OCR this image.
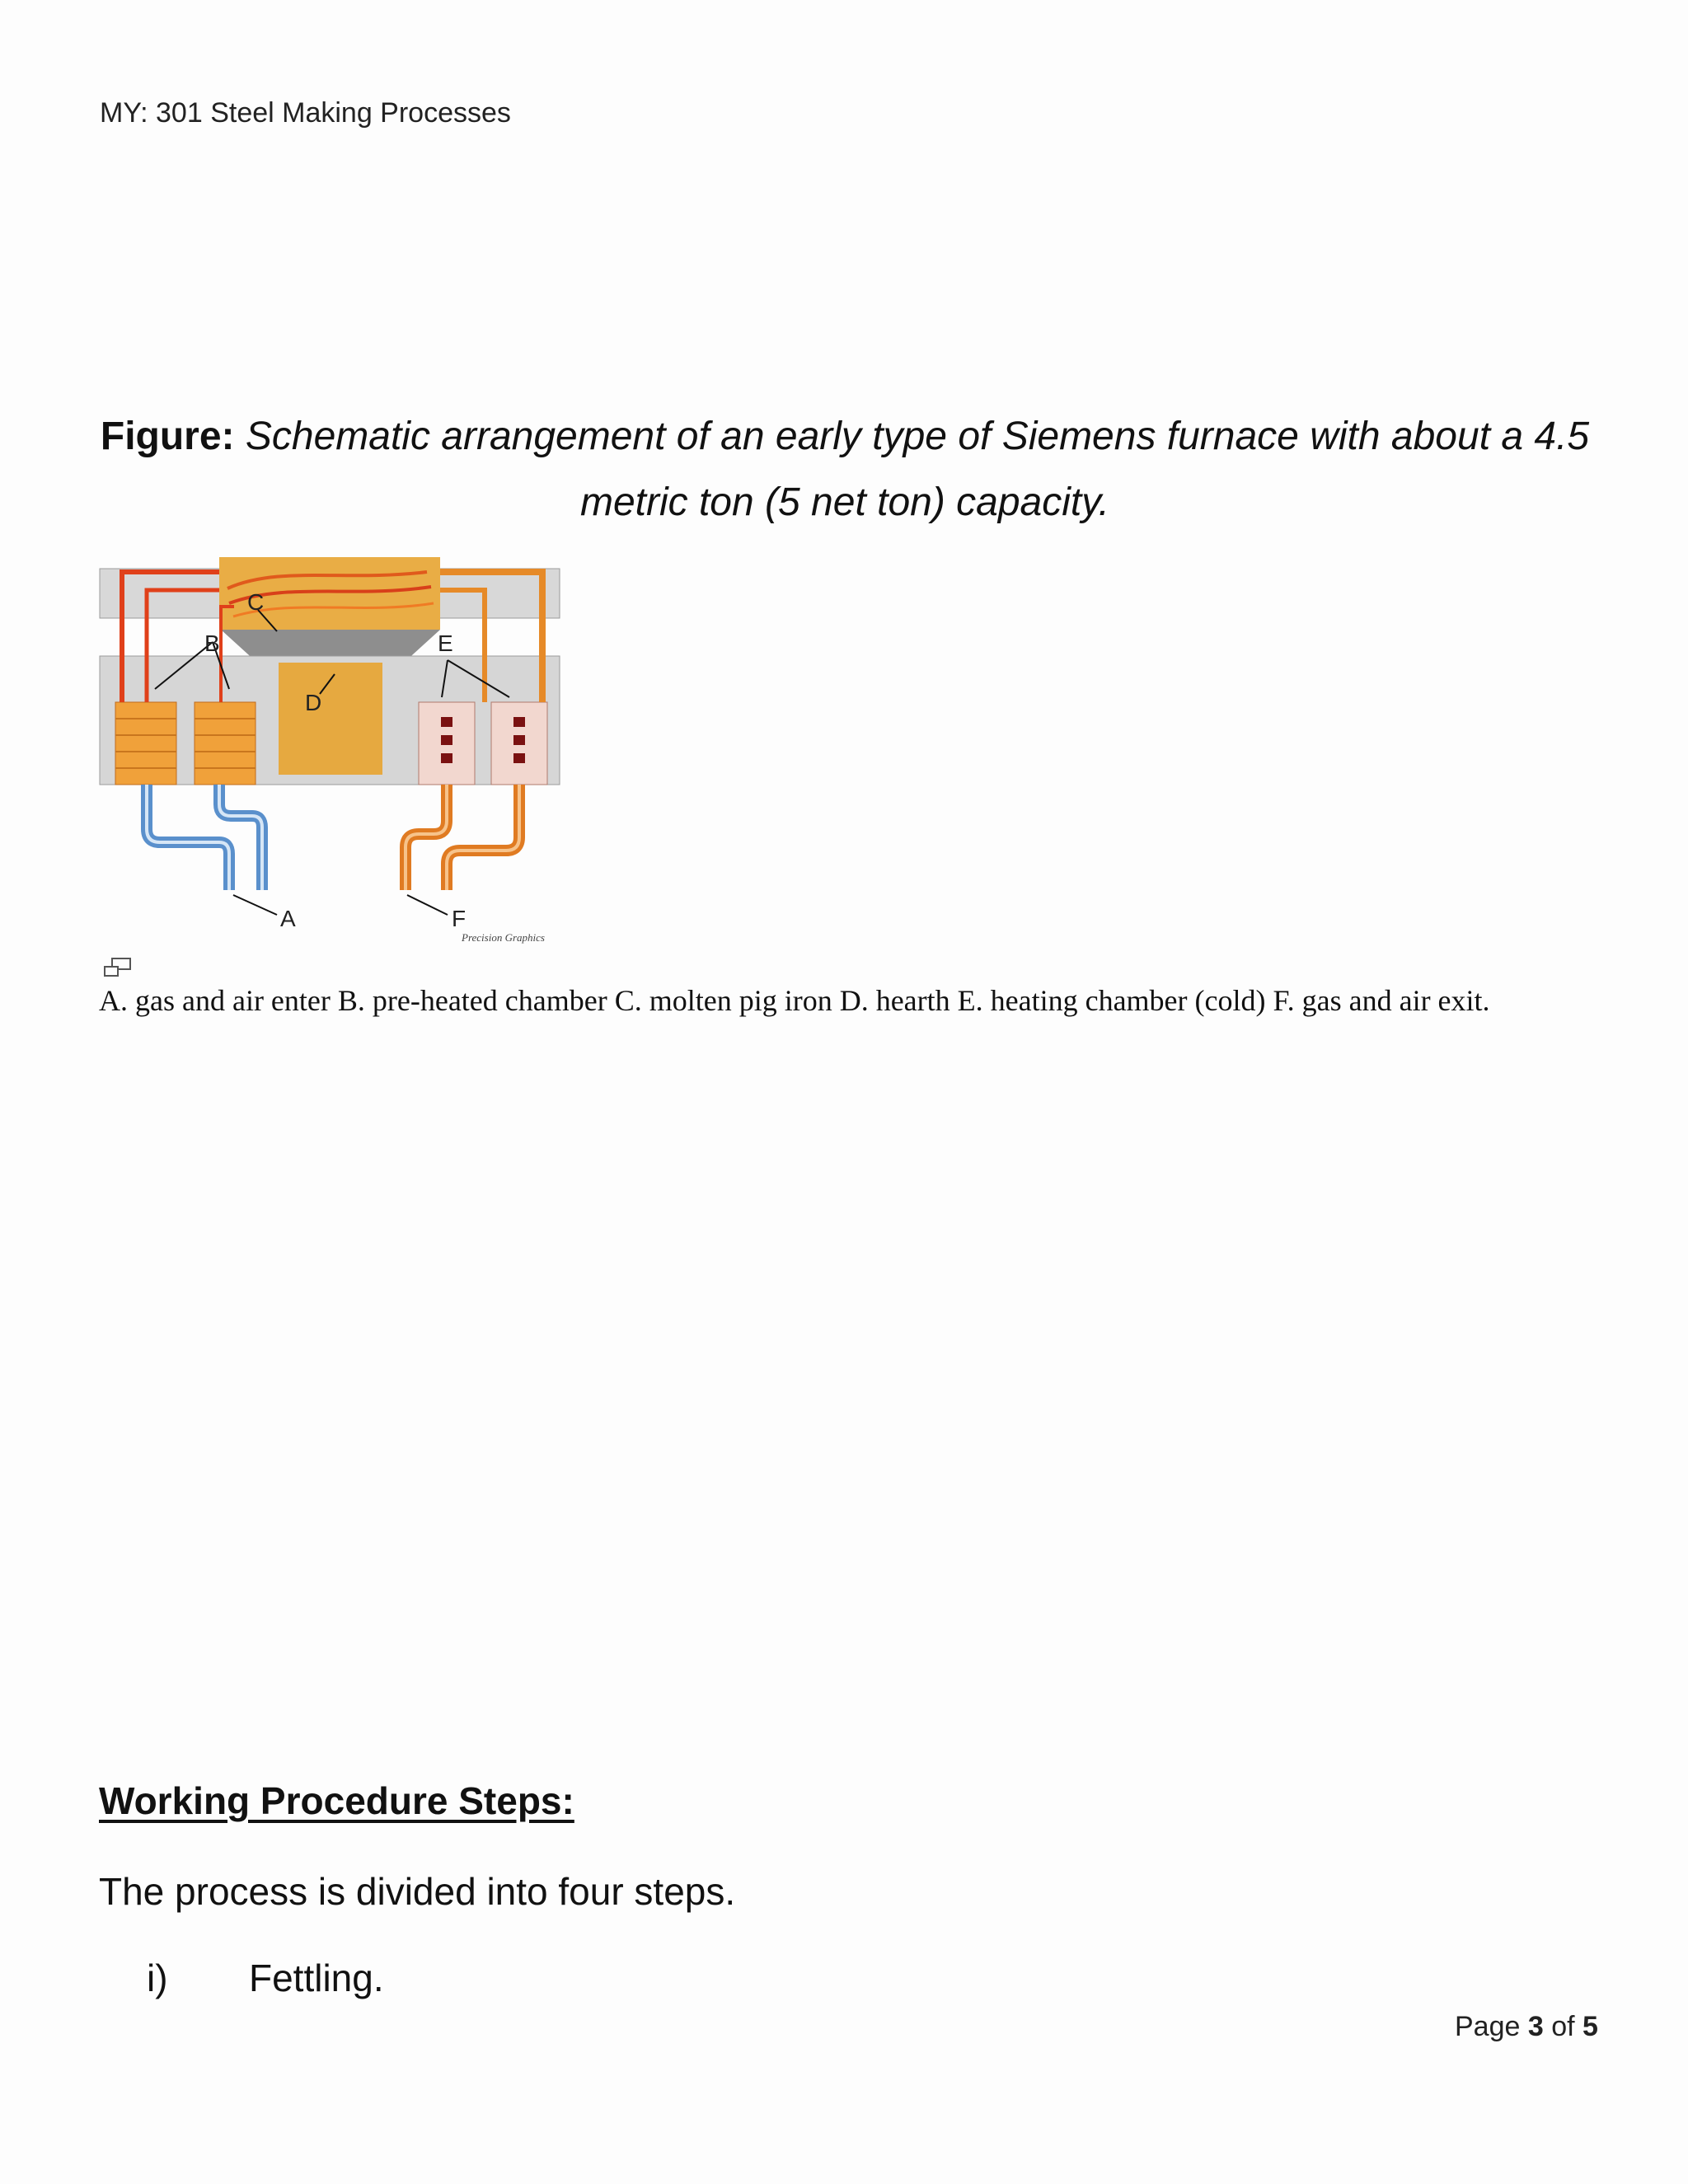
MY: 301 Steel Making Processes
Figure: Schematic arrangement of an early type of Siemens furnace with about a 4.5 metric ton (5 net ton) capacity.
B
C
D
E
A	F
Precision Graphics
A. gas and air enter B. pre-heated chamber C. molten pig iron D. hearth E. heating chamber (cold) F. gas and air exit.
Working Procedure Steps:
The process is divided into four steps.
i) Fettling.
Page 3 of 5
